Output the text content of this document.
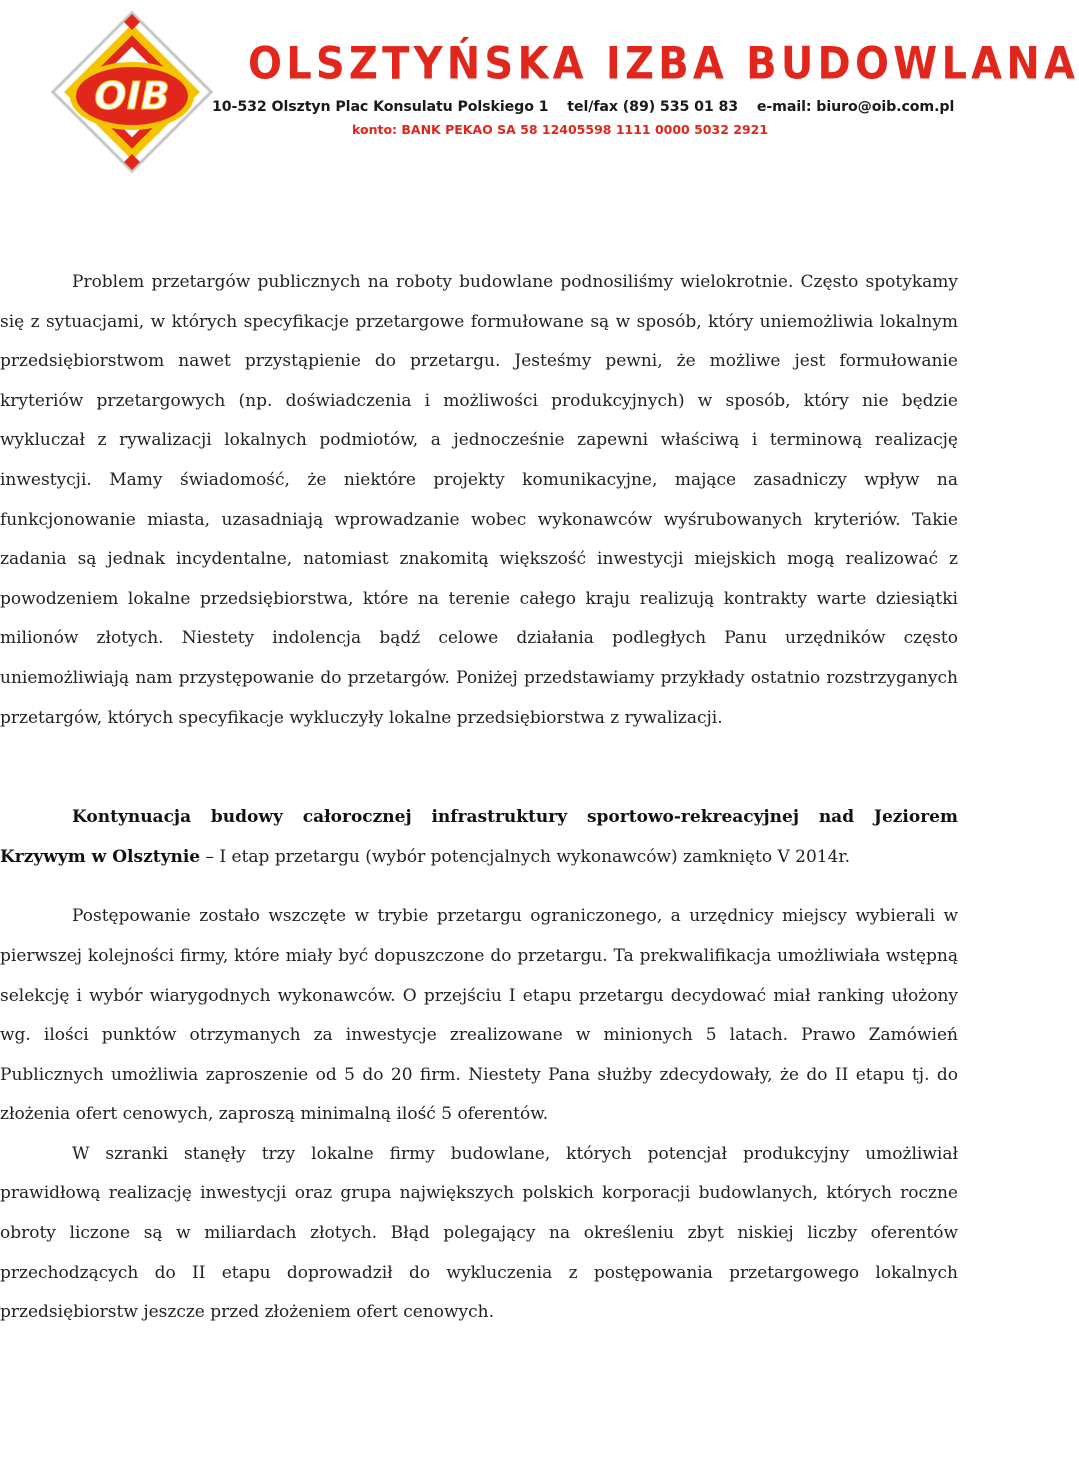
OIB
OLSZTYŃSKA IZBA BUDOWLANA
10-532 Olsztyn Plac Konsulatu Polskiego 1 tel/fax (89) 535 01 83 e-mail: biuro@oib.com.pl
konto: BANK PEKAO SA 58 12405598 1111 0000 5032 2921

Problem przetargów publicznych na roboty budowlane podnosiliśmy wielokrotnie. Często spotykamy się z sytuacjami, w których specyfikacje przetargowe formułowane są w sposób, który uniemożliwia lokalnym przedsiębiorstwom nawet przystąpienie do przetargu. Jesteśmy pewni, że możliwe jest formułowanie kryteriów przetargowych (np. doświadczenia i możliwości produkcyjnych) w sposób, który nie będzie wykluczał z rywalizacji lokalnych podmiotów, a jednocześnie zapewni właściwą i terminową realizację inwestycji. Mamy świadomość, że niektóre projekty komunikacyjne, mające zasadniczy wpływ na funkcjonowanie miasta, uzasadniają wprowadzanie wobec wykonawców wyśrubowanych kryteriów. Takie zadania są jednak incydentalne, natomiast znakomitą większość inwestycji miejskich mogą realizować z powodzeniem lokalne przedsiębiorstwa, które na terenie całego kraju realizują kontrakty warte dziesiątki milionów złotych. Niestety indolencja bądź celowe działania podległych Panu urzędników często uniemożliwiają nam przystępowanie do przetargów. Poniżej przedstawiamy przykłady ostatnio rozstrzyganych przetargów, których specyfikacje wykluczyły lokalne przedsiębiorstwa z rywalizacji.

Kontynuacja budowy całorocznej infrastruktury sportowo-rekreacyjnej nad Jeziorem Krzywym w Olsztynie – I etap przetargu (wybór potencjalnych wykonawców) zamknięto V 2014r.

Postępowanie zostało wszczęte w trybie przetargu ograniczonego, a urzędnicy miejscy wybierali w pierwszej kolejności firmy, które miały być dopuszczone do przetargu. Ta prekwalifikacja umożliwiała wstępną selekcję i wybór wiarygodnych wykonawców. O przejściu I etapu przetargu decydować miał ranking ułożony wg. ilości punktów otrzymanych za inwestycje zrealizowane w minionych 5 latach. Prawo Zamówień Publicznych umożliwia zaproszenie od 5 do 20 firm. Niestety Pana służby zdecydowały, że do II etapu tj. do złożenia ofert cenowych, zaproszą minimalną ilość 5 oferentów.

W szranki stanęły trzy lokalne firmy budowlane, których potencjał produkcyjny umożliwiał prawidłową realizację inwestycji oraz grupa największych polskich korporacji budowlanych, których roczne obroty liczone są w miliardach złotych. Błąd polegający na określeniu zbyt niskiej liczby oferentów przechodzących do II etapu doprowadził do wykluczenia z postępowania przetargowego lokalnych przedsiębiorstw jeszcze przed złożeniem ofert cenowych.
